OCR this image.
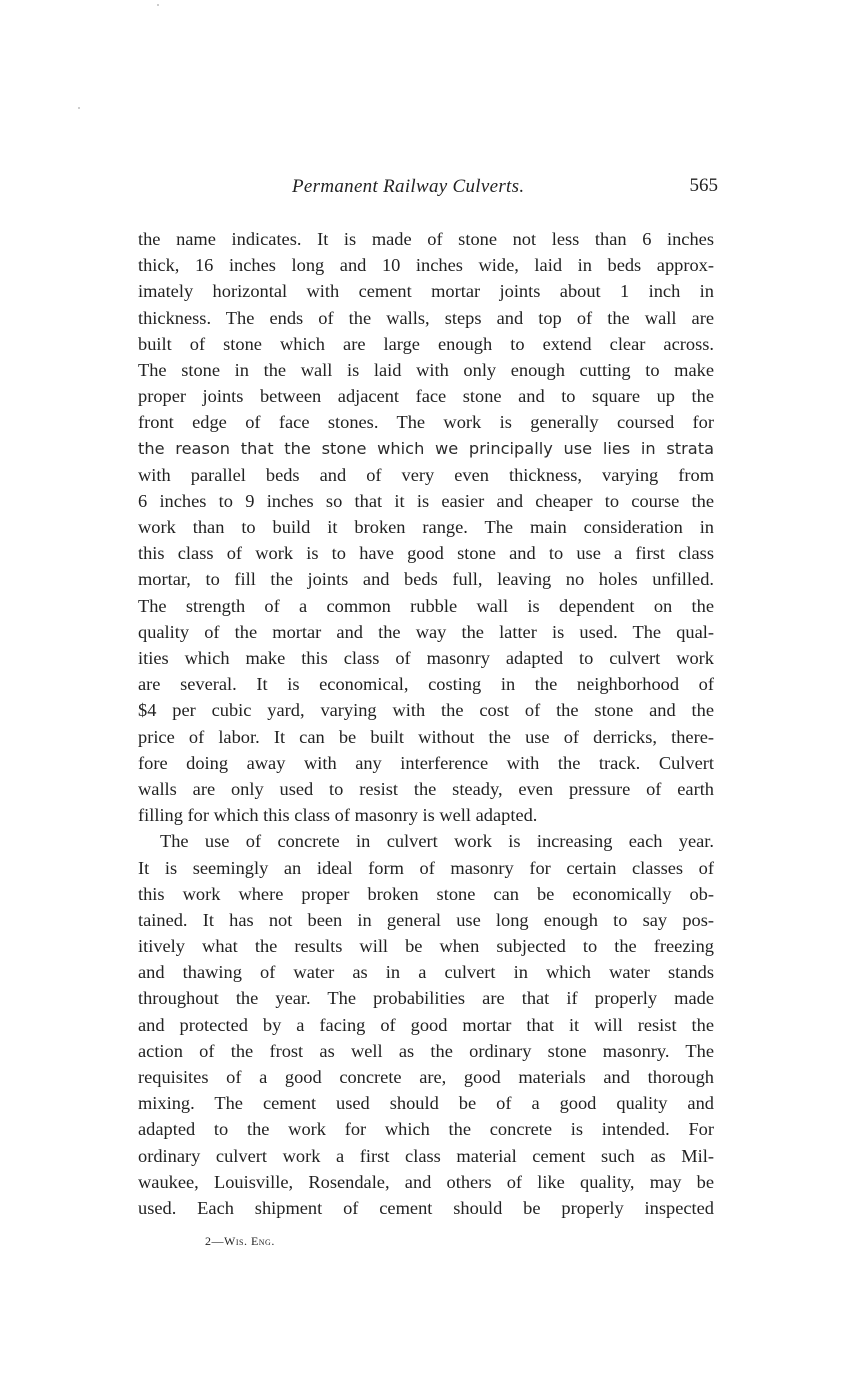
Permanent Railway Culverts.	565
the name indicates. It is made of stone not less than 6 inches
thick, 16 inches long and 10 inches wide, laid in beds approx-
imately horizontal with cement mortar joints about 1 inch in
thickness. The ends of the walls, steps and top of the wall are
built of stone which are large enough to extend clear across.
The stone in the wall is laid with only enough cutting to make
proper joints between adjacent face stone and to square up the
front edge of face stones. The work is generally coursed for
the reason that the stone which we principally use lies in strata
with parallel beds and of very even thickness, varying from
6 inches to 9 inches so that it is easier and cheaper to course the
work than to build it broken range. The main consideration in
this class of work is to have good stone and to use a first class
mortar, to fill the joints and beds full, leaving no holes unfilled.
The strength of a common rubble wall is dependent on the
quality of the mortar and the way the latter is used. The qual-
ities which make this class of masonry adapted to culvert work
are several. It is economical, costing in the neighborhood of
$4 per cubic yard, varying with the cost of the stone and the
price of labor. It can be built without the use of derricks, there-
fore doing away with any interference with the track. Culvert
walls are only used to resist the steady, even pressure of earth
filling for which this class of masonry is well adapted.
The use of concrete in culvert work is increasing each year.
It is seemingly an ideal form of masonry for certain classes of
this work where proper broken stone can be economically ob-
tained. It has not been in general use long enough to say pos-
itively what the results will be when subjected to the freezing
and thawing of water as in a culvert in which water stands
throughout the year. The probabilities are that if properly made
and protected by a facing of good mortar that it will resist the
action of the frost as well as the ordinary stone masonry. The
requisites of a good concrete are, good materials and thorough
mixing. The cement used should be of a good quality and
adapted to the work for which the concrete is intended. For
ordinary culvert work a first class material cement such as Mil-
waukee, Louisville, Rosendale, and others of like quality, may be
used. Each shipment of cement should be properly inspected
2—Wis. Eng.
